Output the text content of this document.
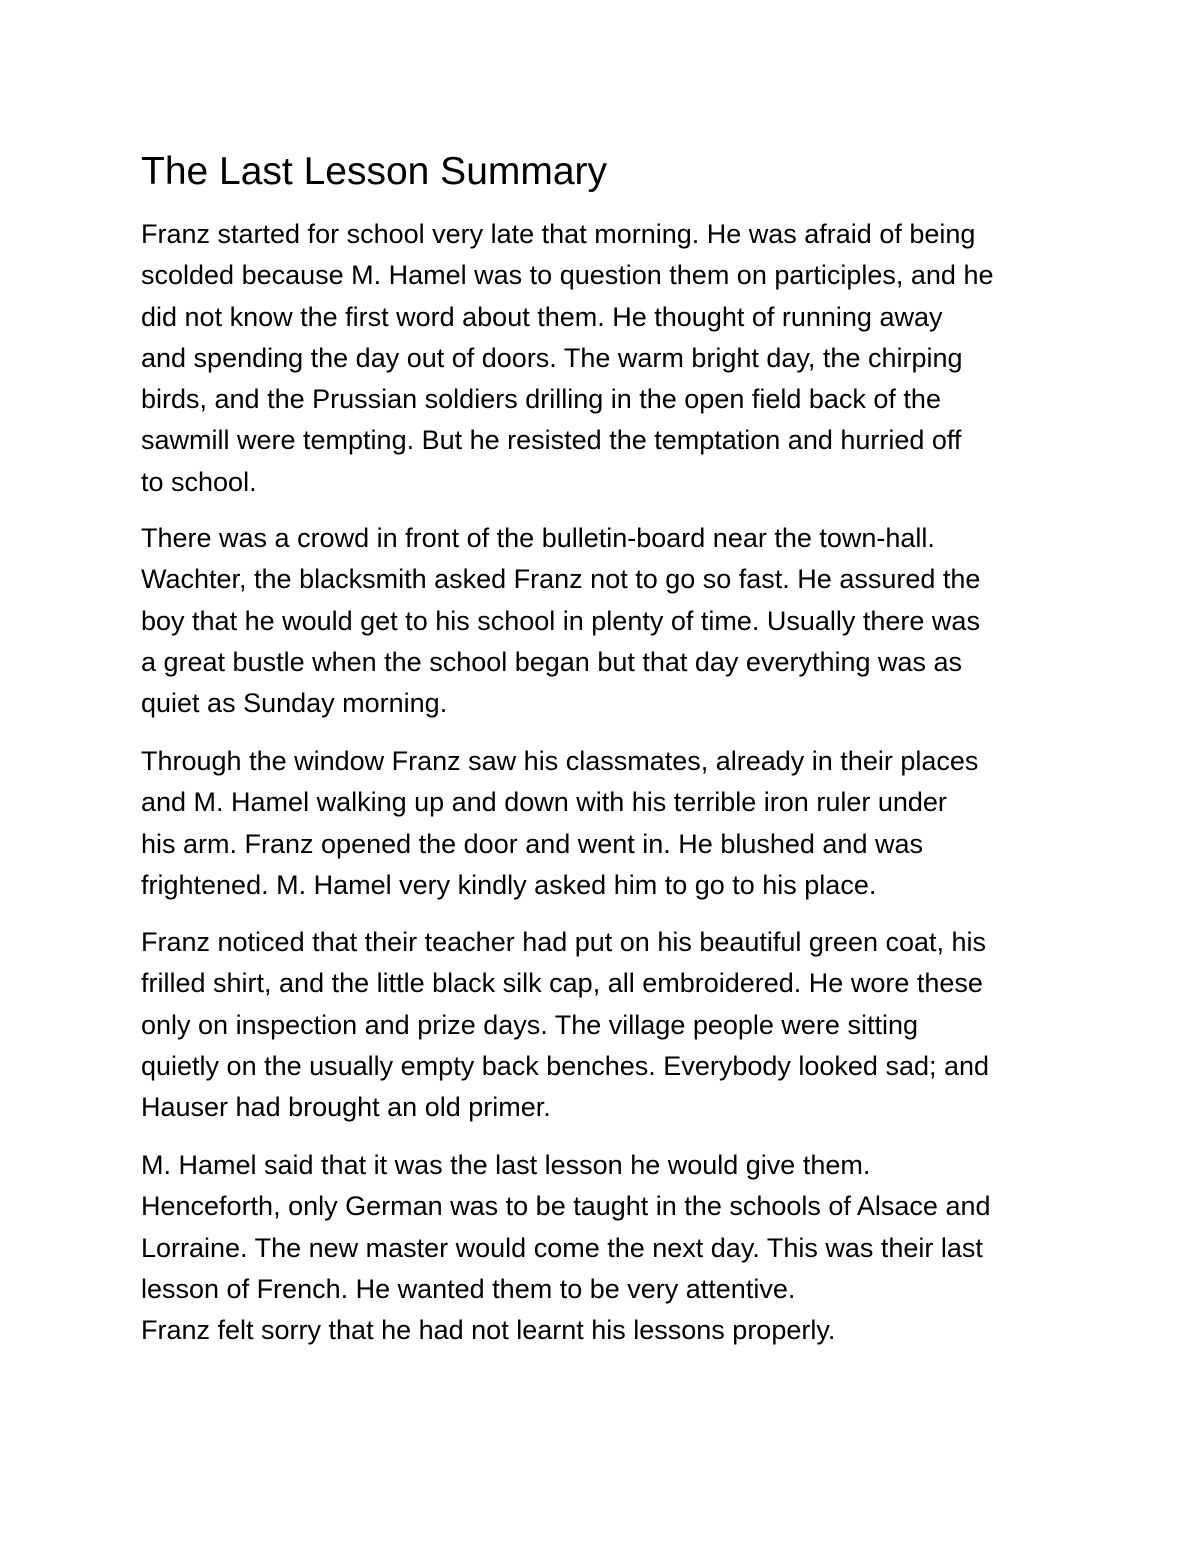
The Last Lesson Summary
Franz started for school very late that morning. He was afraid of being
scolded because M. Hamel was to question them on participles, and he
did not know the first word about them. He thought of running away
and spending the day out of doors. The warm bright day, the chirping
birds, and the Prussian soldiers drilling in the open field back of the
sawmill were tempting. But he resisted the temptation and hurried off
to school.
There was a crowd in front of the bulletin-board near the town-hall.
Wachter, the blacksmith asked Franz not to go so fast. He assured the
boy that he would get to his school in plenty of time. Usually there was
a great bustle when the school began but that day everything was as
quiet as Sunday morning.
Through the window Franz saw his classmates, already in their places
and M. Hamel walking up and down with his terrible iron ruler under
his arm. Franz opened the door and went in. He blushed and was
frightened. M. Hamel very kindly asked him to go to his place.
Franz noticed that their teacher had put on his beautiful green coat, his
frilled shirt, and the little black silk cap, all embroidered. He wore these
only on inspection and prize days. The village people were sitting
quietly on the usually empty back benches. Everybody looked sad; and
Hauser had brought an old primer.
M. Hamel said that it was the last lesson he would give them.
Henceforth, only German was to be taught in the schools of Alsace and
Lorraine. The new master would come the next day. This was their last
lesson of French. He wanted them to be very attentive.
Franz felt sorry that he had not learnt his lessons properly.
